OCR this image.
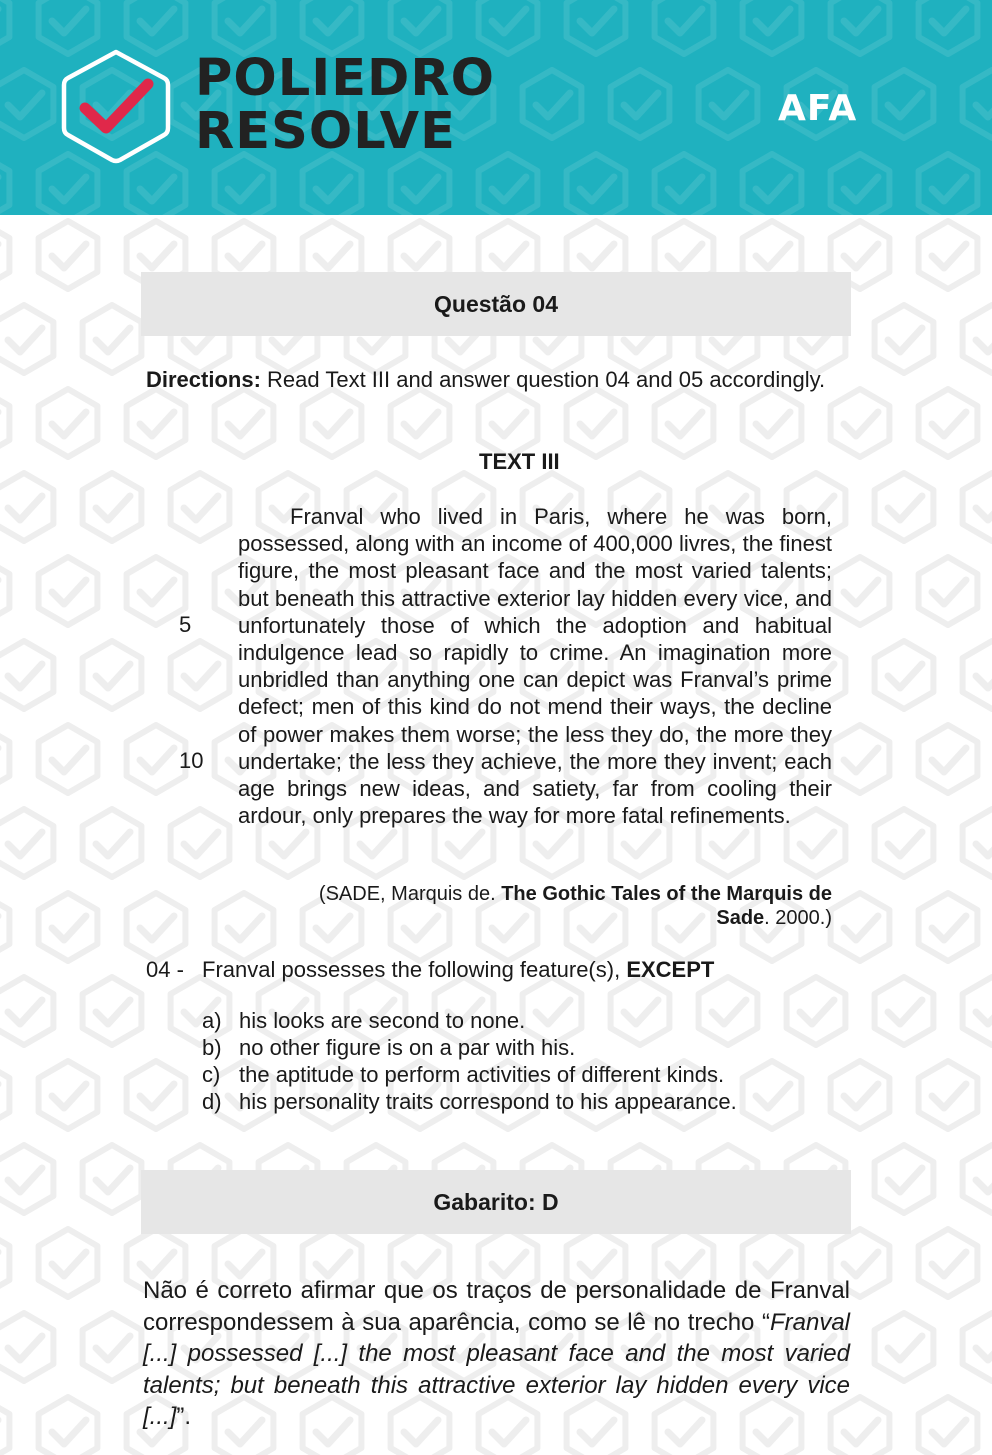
POLIEDRO
RESOLVE	AFA
Questão 04
Directions: Read Text III and answer question 04 and 05 accordingly.
TEXT III
5
10
Franval who lived in Paris, where he was born, possessed, along with an income of 400,000 livres, the finest figure, the most pleasant face and the most varied talents; but beneath this attractive exterior lay hidden every vice, and unfortunately those of which the adoption and habitual indulgence lead so rapidly to crime. An imagination more unbridled than anything one can depict was Franval’s prime defect; men of this kind do not mend their ways, the decline of power makes them worse; the less they do, the more they undertake; the less they achieve, the more they invent; each age brings new ideas, and satiety, far from cooling their ardour, only prepares the way for more fatal refinements.
(SADE, Marquis de. The Gothic Tales of the Marquis de
Sade. 2000.)
04 - Franval possesses the following feature(s), EXCEPT
a) his looks are second to none.
b) no other figure is on a par with his.
c) the aptitude to perform activities of different kinds.
d) his personality traits correspond to his appearance.
Gabarito: D
Não é correto afirmar que os traços de personalidade de Franval correspondessem à sua aparência, como se lê no trecho “Franval [...] possessed [...] the most pleasant face and the most varied talents; but beneath this attractive exterior lay hidden every vice [...]”.
